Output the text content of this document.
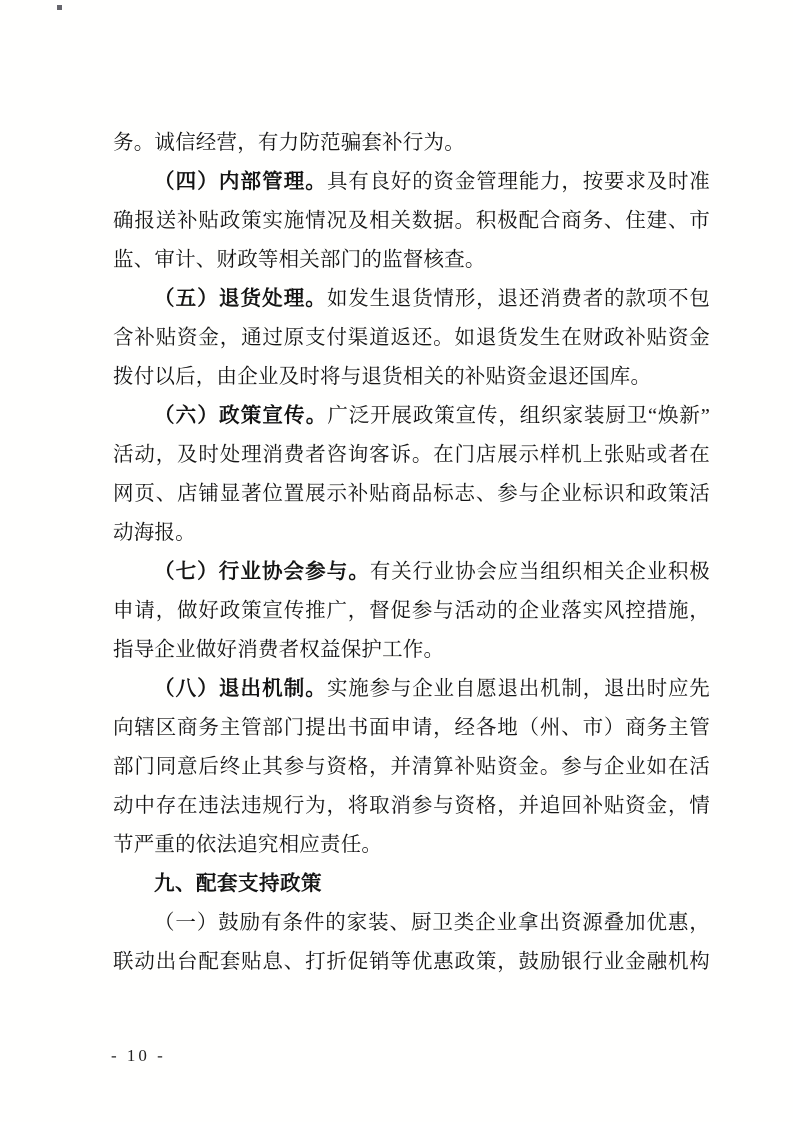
务。诚信经营，有力防范骗套补行为。
（四）内部管理。具有良好的资金管理能力，按要求及时准
确报送补贴政策实施情况及相关数据。积极配合商务、住建、市
监、审计、财政等相关部门的监督核查。
（五）退货处理。如发生退货情形，退还消费者的款项不包
含补贴资金，通过原支付渠道返还。如退货发生在财政补贴资金
拨付以后，由企业及时将与退货相关的补贴资金退还国库。
（六）政策宣传。广泛开展政策宣传，组织家装厨卫“焕新”
活动，及时处理消费者咨询客诉。在门店展示样机上张贴或者在
网页、店铺显著位置展示补贴商品标志、参与企业标识和政策活
动海报。
（七）行业协会参与。有关行业协会应当组织相关企业积极
申请，做好政策宣传推广，督促参与活动的企业落实风控措施，
指导企业做好消费者权益保护工作。
（八）退出机制。实施参与企业自愿退出机制，退出时应先
向辖区商务主管部门提出书面申请，经各地（州、市）商务主管
部门同意后终止其参与资格，并清算补贴资金。参与企业如在活
动中存在违法违规行为，将取消参与资格，并追回补贴资金，情
节严重的依法追究相应责任。
九、配套支持政策
（一）鼓励有条件的家装、厨卫类企业拿出资源叠加优惠，
联动出台配套贴息、打折促销等优惠政策，鼓励银行业金融机构
- 10 -
